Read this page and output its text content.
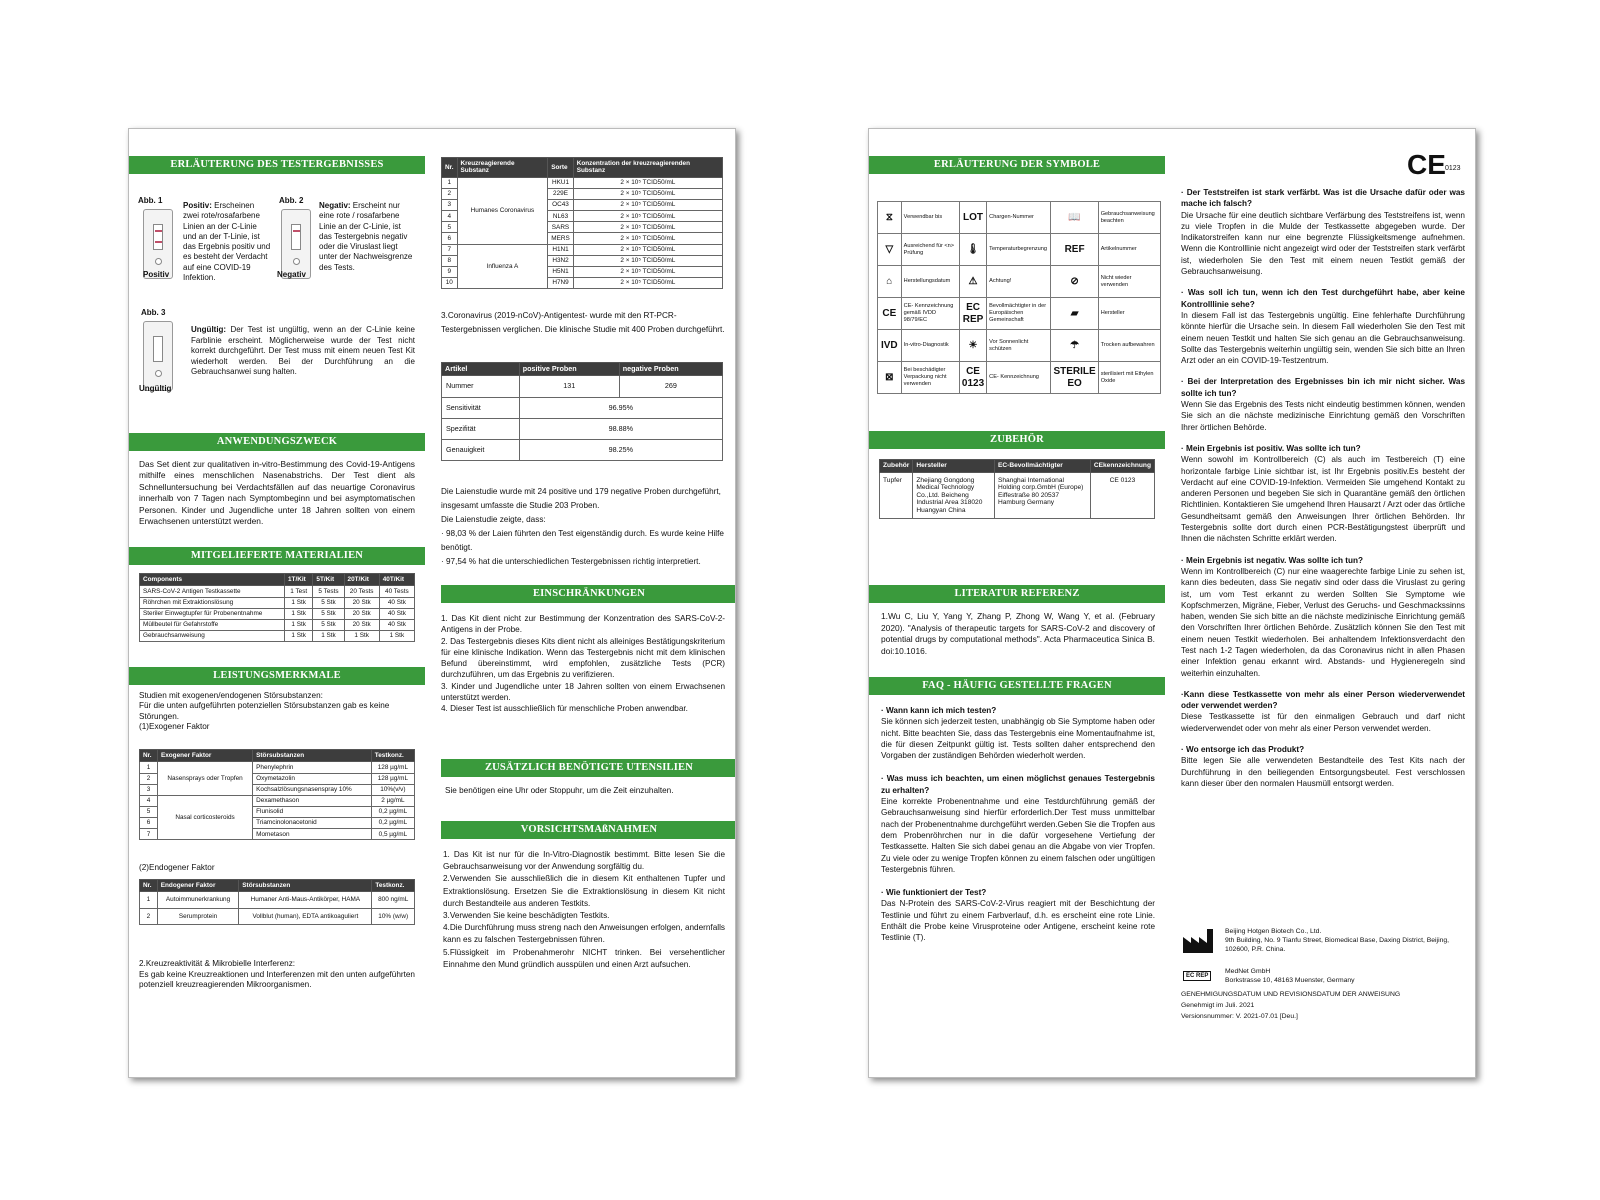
ERLÄUTERUNG DES TESTERGEBNISSES
Abb. 1
Positiv
Positiv: Erscheinen zwei rote/rosafarbene Linien an der C-Linie und an der T-Linie, ist das Ergebnis positiv und es besteht der Verdacht auf eine COVID-19 Infektion.
Abb. 2
Negativ
Negativ: Erscheint nur eine rote / rosafarbene Linie an der C-Linie, ist das Testergebnis negativ oder die Viruslast liegt unter der Nachweisgrenze des Tests.
Abb. 3
Ungültig
Ungültig: Der Test ist ungültig, wenn an der C-Linie keine Farblinie erscheint. Möglicherweise wurde der Test nicht korrekt durchgeführt. Der Test muss mit einem neuen Test Kit wiederholt werden. Bei der Durchführung an die Gebrauchsanwei sung halten.
ANWENDUNGSZWECK
Das Set dient zur qualitativen in-vitro-Bestimmung des Covid-19-Antigens mithilfe eines menschlichen Nasenabstrichs. Der Test dient als Schnelluntersuchung bei Verdachtsfällen auf das neuartige Coronavirus innerhalb von 7 Tagen nach Symptombeginn und bei asymptomatischen Personen. Kinder und Jugendliche unter 18 Jahren sollten von einem Erwachsenen unterstützt werden.
MITGELIEFERTE MATERIALIEN
Components	1T/Kit	5T/Kit	20T/Kit	40T/Kit
SARS-CoV-2 Antigen Testkassette	1 Test	5 Tests	20 Tests	40 Tests
Röhrchen mit Extraktionslösung	1 Stk	5 Stk	20 Stk	40 Stk
Steriler Einwegtupfer für Probenentnahme	1 Stk	5 Stk	20 Stk	40 Stk
Müllbeutel für Gefahrstoffe	1 Stk	5 Stk	20 Stk	40 Stk
Gebrauchsanweisung	1 Stk	1 Stk	1 Stk	1 Stk
LEISTUNGSMERKMALE
Studien mit exogenen/endogenen Störsubstanzen:
Für die unten aufgeführten potenziellen Störsubstanzen gab es keine Störungen.
(1)Exogener Faktor
Nr.	Exogener Faktor	Störsubstanzen	Testkonz.
1	Nasensprays oder Tropfen	Phenylephrin	128 µg/mL
2		Oxymetazolin	128 µg/mL
3		Kochsalzlösungsnasenspray 10%	10%(v/v)
4	Nasal corticosteroids	Dexamethason	2 µg/mL
5		Flunisolid	0,2 µg/mL
6		Triamcinolonacetonid	0,2 µg/mL
7		Mometason	0,5 µg/mL
(2)Endogener Faktor
Nr.	Endogener Faktor	Störsubstanzen	Testkonz.
1	Autoimmunerkrankung	Humaner Anti-Maus-Antikörper, HAMA	800 ng/mL
2	Serumprotein	Vollblut (human), EDTA antikoaguliert	10% (w/w)
2.Kreuzreaktivität & Mikrobielle Interferenz:
Es gab keine Kreuzreaktionen und Interferenzen mit den unten aufgeführten potenziell kreuzreagierenden Mikroorganismen.
Nr.	Kreuzreagierende Substanz	Sorte	Konzentration der kreuzreagierenden Substanz
1	Humanes Coronavirus	HKU1	2 × 10⁵ TCID50/mL
2		229E	2 × 10⁵ TCID50/mL
3		OC43	2 × 10⁵ TCID50/mL
4		NL63	2 × 10⁵ TCID50/mL
5		SARS	2 × 10⁵ TCID50/mL
6		MERS	2 × 10⁵ TCID50/mL
7	Influenza A	H1N1	2 × 10⁵ TCID50/mL
8		H3N2	2 × 10⁵ TCID50/mL
9		H5N1	2 × 10⁵ TCID50/mL
10		H7N9	2 × 10⁵ TCID50/mL
3.Coronavirus (2019-nCoV)-Antigentest- wurde mit den RT-PCR-Testergebnissen verglichen. Die klinische Studie mit 400 Proben durchgeführt.
Artikel	positive Proben	negative Proben
Nummer	131	269
Sensitivität	96.95%	
Spezifität	98.88%	
Genauigkeit	98.25%	
Die Laienstudie wurde mit 24 positive und 179 negative Proben durchgeführt, insgesamt umfasste die Studie 203 Proben.
Die Laienstudie zeigte, dass:
· 98,03 % der Laien führten den Test eigenständig durch. Es wurde keine Hilfe benötigt.
· 97,54 % hat die unterschiedlichen Testergebnissen richtig interpretiert.
EINSCHRÄNKUNGEN
1. Das Kit dient nicht zur Bestimmung der Konzentration des SARS-CoV-2-Antigens in der Probe.
2. Das Testergebnis dieses Kits dient nicht als alleiniges Bestätigungskriterium für eine klinische Indikation. Wenn das Testergebnis nicht mit dem klinischen Befund übereinstimmt, wird empfohlen, zusätzliche Tests (PCR) durchzuführen, um das Ergebnis zu verifizieren.
3. Kinder und Jugendliche unter 18 Jahren sollten von einem Erwachsenen unterstützt werden.
4. Dieser Test ist ausschließlich für menschliche Proben anwendbar.
ZUSÄTZLICH BENÖTIGTE UTENSILIEN
Sie benötigen eine Uhr oder Stoppuhr, um die Zeit einzuhalten.
VORSICHTSMAßNAHMEN
1. Das Kit ist nur für die In-Vitro-Diagnostik bestimmt. Bitte lesen Sie die Gebrauchsanweisung vor der Anwendung sorgfältig du.
2.Verwenden Sie ausschließlich die in diesem Kit enthaltenen Tupfer und Extraktionslösung. Ersetzen Sie die Extraktionslösung in diesem Kit nicht durch Bestandteile aus anderen Testkits.
3.Verwenden Sie keine beschädigten Testkits.
4.Die Durchführung muss streng nach den Anweisungen erfolgen, andernfalls kann es zu falschen Testergebnissen führen.
5.Flüssigkeit im Probenahmerohr NICHT trinken. Bei versehentlicher Einnahme den Mund gründlich ausspülen und einen Arzt aufsuchen.
ERLÄUTERUNG DER SYMBOLE
⧖	Verwendbar bis	LOT	Chargen-Nummer	📖	Gebrauchsanweisung beachten
▽	Ausreichend für <n> Prüfung	🌡	Temperaturbegrenzung	REF	Artikelnummer
⌂	Herstellungsdatum	⚠	Achtung!	⊘	Nicht wieder verwenden
CE	CE- Kennzeichnung gemäß IVDD 98/79/EC	EC REP	Bevollmächtigter in der Europäischen Gemeinschaft	▰	Hersteller
IVD	In-vitro-Diagnostik	☀	Vor Sonnenlicht schützen	☂	Trocken aufbewahren
⊠	Bei beschädigter Verpackung nicht verwenden	CE 0123	CE- Kennzeichnung	STERILE EO	sterilisiert mit Ethylen Oxide
ZUBEHÖR
Zubehör	Hersteller	EC-Bevollmächtigter	CEkennzeichnung
Tupfer	Zhejiang Gongdong Medical Technology Co.,Ltd. Beicheng Industrial Area 318020 Huangyan China	Shanghai International Holding corp.GmbH (Europe) Eiffestraße 80 20537 Hamburg Germany	CE 0123
LITERATUR REFERENZ
1.Wu C, Liu Y, Yang Y, Zhang P, Zhong W, Wang Y, et al. (February 2020). "Analysis of therapeutic targets for SARS-CoV-2 and discovery of potential drugs by computational methods". Acta Pharmaceutica Sinica B. doi:10.1016.
FAQ - HÄUFIG GESTELLTE FRAGEN
· Wann kann ich mich testen?
Sie können sich jederzeit testen, unabhängig ob Sie Symptome haben oder nicht. Bitte beachten Sie, dass das Testergebnis eine Momentaufnahme ist, die für diesen Zeitpunkt gültig ist. Tests sollten daher entsprechend den Vorgaben der zuständigen Behörden wiederholt werden.
· Was muss ich beachten, um einen möglichst genaues Testergebnis zu erhalten?
Eine korrekte Probenentnahme und eine Testdurchführung gemäß der Gebrauchsanweisung sind hierfür erforderlich.Der Test muss unmittelbar nach der Probenentnahme durchgeführt werden.Geben Sie die Tropfen aus dem Probenröhrchen nur in die dafür vorgesehene Vertiefung der Testkassette. Halten Sie sich dabei genau an die Abgabe von vier Tropfen. Zu viele oder zu wenige Tropfen können zu einem falschen oder ungültigen Testergebnis führen.
· Wie funktioniert der Test?
Das N-Protein des SARS-CoV-2-Virus reagiert mit der Beschichtung der Testlinie und führt zu einem Farbverlauf, d.h. es erscheint eine rote Linie. Enthält die Probe keine Virusproteine oder Antigene, erscheint keine rote Testlinie (T).
CE 0123
· Der Teststreifen ist stark verfärbt. Was ist die Ursache dafür oder was mache ich falsch?
Die Ursache für eine deutlich sichtbare Verfärbung des Teststreifens ist, wenn zu viele Tropfen in die Mulde der Testkassette abgegeben wurde. Der Indikatorstreifen kann nur eine begrenzte Flüssigkeitsmenge aufnehmen. Wenn die Kontrolllinie nicht angezeigt wird oder der Teststreifen stark verfärbt ist, wiederholen Sie den Test mit einem neuen Testkit gemäß der Gebrauchsanweisung.
· Was soll ich tun, wenn ich den Test durchgeführt habe, aber keine Kontrolllinie sehe?
In diesem Fall ist das Testergebnis ungültig. Eine fehlerhafte Durchführung könnte hierfür die Ursache sein. In diesem Fall wiederholen Sie den Test mit einem neuen Testkit und halten Sie sich genau an die Gebrauchsanweisung. Sollte das Testergebnis weiterhin ungültig sein, wenden Sie sich bitte an Ihren Arzt oder an ein COVID-19-Testzentrum.
· Bei der Interpretation des Ergebnisses bin ich mir nicht sicher. Was sollte ich tun?
Wenn Sie das Ergebnis des Tests nicht eindeutig bestimmen können, wenden Sie sich an die nächste medizinische Einrichtung gemäß den Vorschriften Ihrer örtlichen Behörde.
· Mein Ergebnis ist positiv. Was sollte ich tun?
Wenn sowohl im Kontrollbereich (C) als auch im Testbereich (T) eine horizontale farbige Linie sichtbar ist, ist Ihr Ergebnis positiv.Es besteht der Verdacht auf eine COVID-19-Infektion. Vermeiden Sie umgehend Kontakt zu anderen Personen und begeben Sie sich in Quarantäne gemäß den örtlichen Richtlinien. Kontaktieren Sie umgehend Ihren Hausarzt / Arzt oder das örtliche Gesundheitsamt gemäß den Anweisungen Ihrer örtlichen Behörden. Ihr Testergebnis sollte dort durch einen PCR-Bestätigungstest überprüft und Ihnen die nächsten Schritte erklärt werden.
· Mein Ergebnis ist negativ. Was sollte ich tun?
Wenn im Kontrollbereich (C) nur eine waagerechte farbige Linie zu sehen ist, kann dies bedeuten, dass Sie negativ sind oder dass die Viruslast zu gering ist, um vom Test erkannt zu werden Sollten Sie Symptome wie Kopfschmerzen, Migräne, Fieber, Verlust des Geruchs- und Geschmackssinns haben, wenden Sie sich bitte an die nächste medizinische Einrichtung gemäß den Vorschriften Ihrer örtlichen Behörde. Zusätzlich können Sie den Test mit einem neuen Testkit wiederholen. Bei anhaltendem Infektionsverdacht den Test nach 1-2 Tagen wiederholen, da das Coronavirus nicht in allen Phasen einer Infektion genau erkannt wird. Abstands- und Hygieneregeln sind weiterhin einzuhalten.
·Kann diese Testkassette von mehr als einer Person wiederverwendet oder verwendet werden?
Diese Testkassette ist für den einmaligen Gebrauch und darf nicht wiederverwendet oder von mehr als einer Person verwendet werden.
· Wo entsorge ich das Produkt?
Bitte legen Sie alle verwendeten Bestandteile des Test Kits nach der Durchführung in den beiliegenden Entsorgungsbeutel. Fest verschlossen kann dieser über den normalen Hausmüll entsorgt werden.
Beijing Hotgen Biotech Co., Ltd.
9th Building, No. 9 Tianfu Street, Biomedical Base, Daxing District, Beijing, 102600, P.R. China.
EC REP
MedNet GmbH
Borkstrasse 10, 48163 Muenster, Germany
GENEHMIGUNGSDATUM UND REVISIONSDATUM DER ANWEISUNG
Genehmigt im Juli. 2021
Versionsnummer: V. 2021-07.01 [Deu.]
